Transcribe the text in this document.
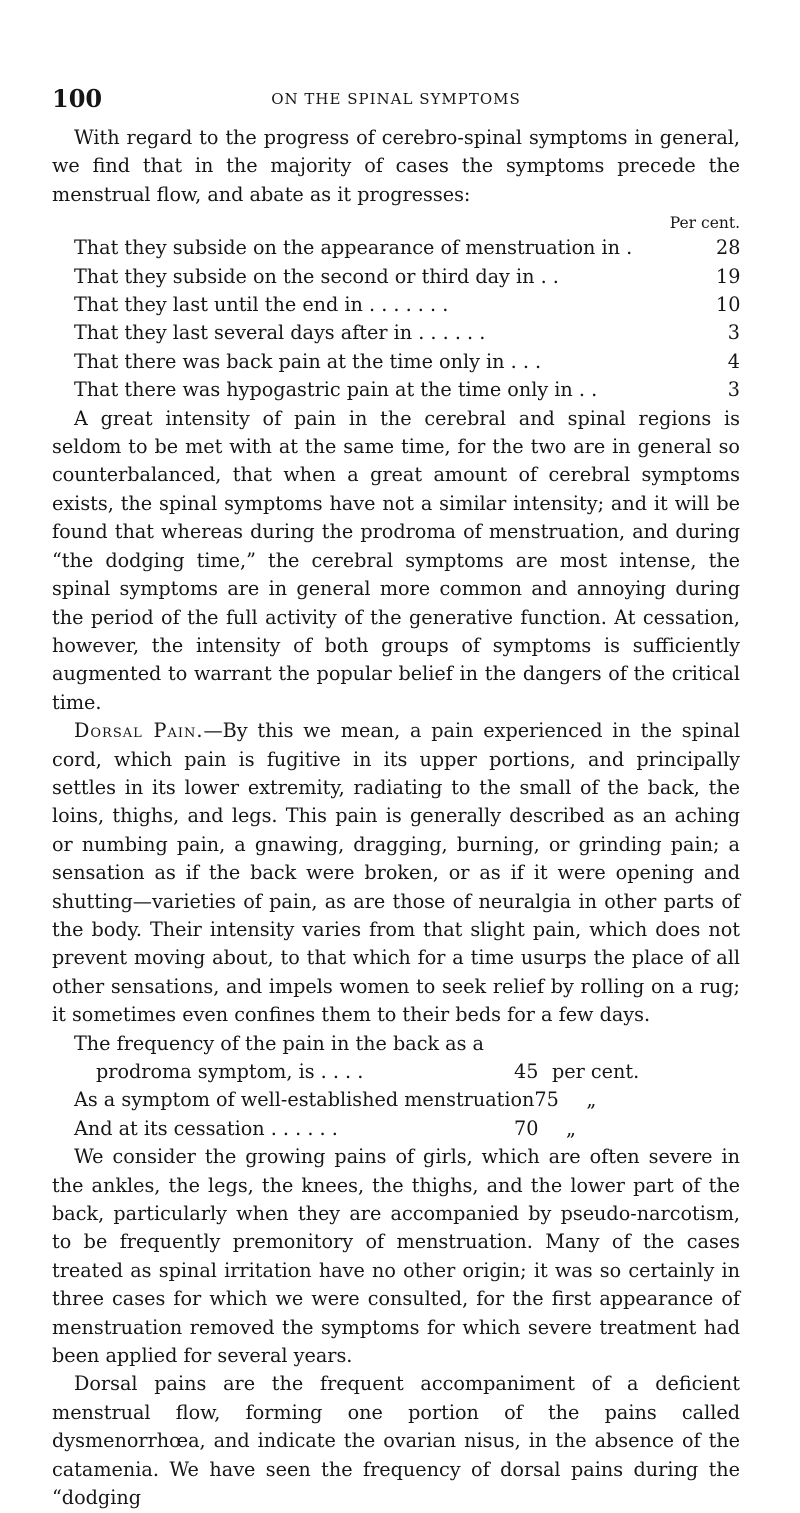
100	ON THE SPINAL SYMPTOMS

With regard to the progress of cerebro-spinal symptoms in general, we find that in the majority of cases the symptoms precede the menstrual flow, and abate as it progresses:

Per cent.
That they subside on the appearance of menstruation in .	28
That they subside on the second or third day in . .	19
That they last until the end in . . . . . . .	10
That they last several days after in . . . . . .	3
That there was back pain at the time only in . . .	4
That there was hypogastric pain at the time only in . .	3

A great intensity of pain in the cerebral and spinal regions is seldom to be met with at the same time, for the two are in general so counterbalanced, that when a great amount of cerebral symptoms exists, the spinal symptoms have not a similar intensity; and it will be found that whereas during the prodroma of menstruation, and during “the dodging time,” the cerebral symptoms are most intense, the spinal symptoms are in general more common and annoying during the period of the full activity of the generative function. At cessation, however, the intensity of both groups of symptoms is sufficiently augmented to warrant the popular belief in the dangers of the critical time.

Dorsal Pain.—By this we mean, a pain experienced in the spinal cord, which pain is fugitive in its upper portions, and principally settles in its lower extremity, radiating to the small of the back, the loins, thighs, and legs. This pain is generally described as an aching or numbing pain, a gnawing, dragging, burning, or grinding pain; a sensation as if the back were broken, or as if it were opening and shutting—varieties of pain, as are those of neuralgia in other parts of the body. Their intensity varies from that slight pain, which does not prevent moving about, to that which for a time usurps the place of all other sensations, and impels women to seek relief by rolling on a rug; it sometimes even confines them to their beds for a few days.

The frequency of the pain in the back as a
prodroma symptom, is . . . .	45 per cent.
As a symptom of well-established menstruation 75	„
And at its cessation . . . . . .	70	„

We consider the growing pains of girls, which are often severe in the ankles, the legs, the knees, the thighs, and the lower part of the back, particularly when they are accompanied by pseudo-narcotism, to be frequently premonitory of menstruation. Many of the cases treated as spinal irritation have no other origin; it was so certainly in three cases for which we were consulted, for the first appearance of menstruation removed the symptoms for which severe treatment had been applied for several years.

Dorsal pains are the frequent accompaniment of a deficient menstrual flow, forming one portion of the pains called dysmenorrhœa, and indicate the ovarian nisus, in the absence of the catamenia. We have seen the frequency of dorsal pains during the “dodging
